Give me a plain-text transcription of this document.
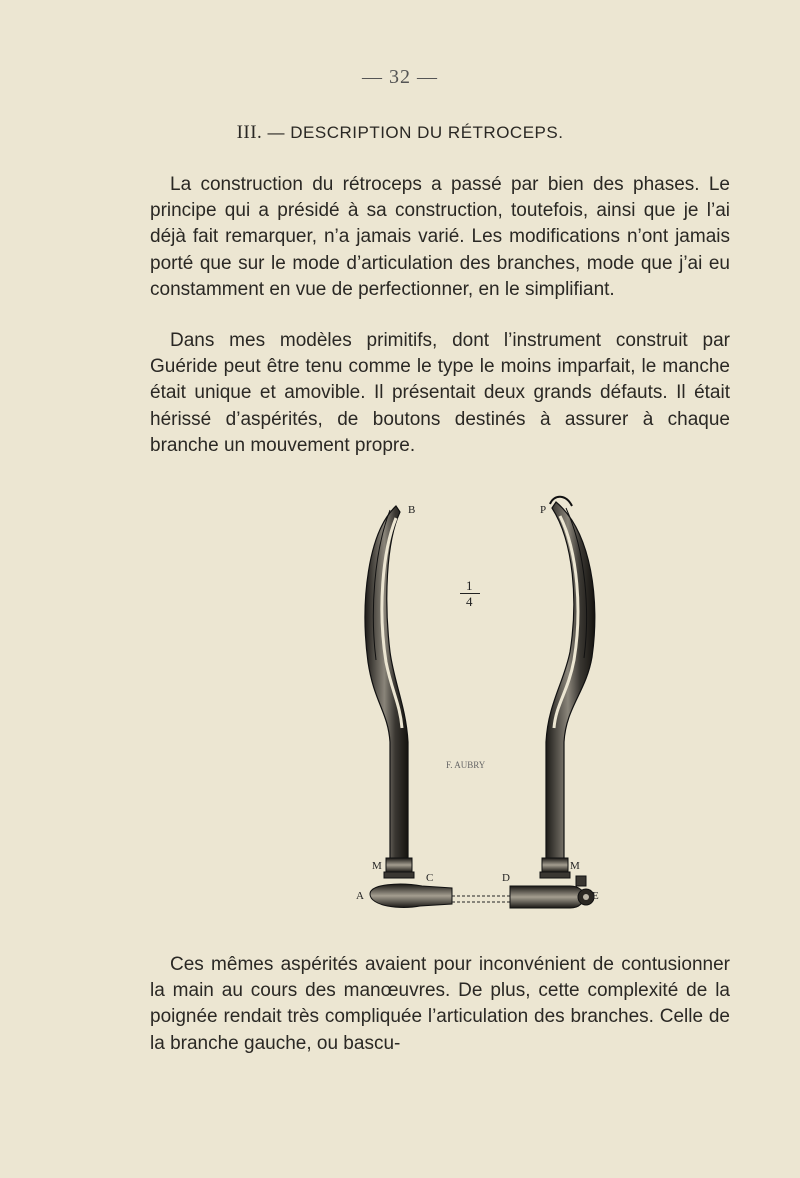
— 32 —
III. — DESCRIPTION DU RÉTROCEPS.

La construction du rétroceps a passé par bien des phases. Le principe qui a présidé à sa construction, toutefois, ainsi que je l’ai déjà fait remarquer, n’a jamais varié. Les modifications n’ont jamais porté que sur le mode d’articulation des branches, mode que j’ai eu constamment en vue de perfectionner, en le simplifiant.

Dans mes modèles primitifs, dont l’instrument construit par Guéride peut être tenu comme le type le moins imparfait, le manche était unique et amovible. Il présentait deux grands défauts. Il était hérissé d’aspérités, de boutons destinés à assurer à chaque branche un mouvement propre.

B	P
1
4
F. AUBRY
M	M
A
C	D
E

Ces mêmes aspérités avaient pour inconvénient de contusionner la main au cours des manœuvres. De plus, cette complexité de la poignée rendait très compliquée l’articulation des branches. Celle de la branche gauche, ou bascu-
